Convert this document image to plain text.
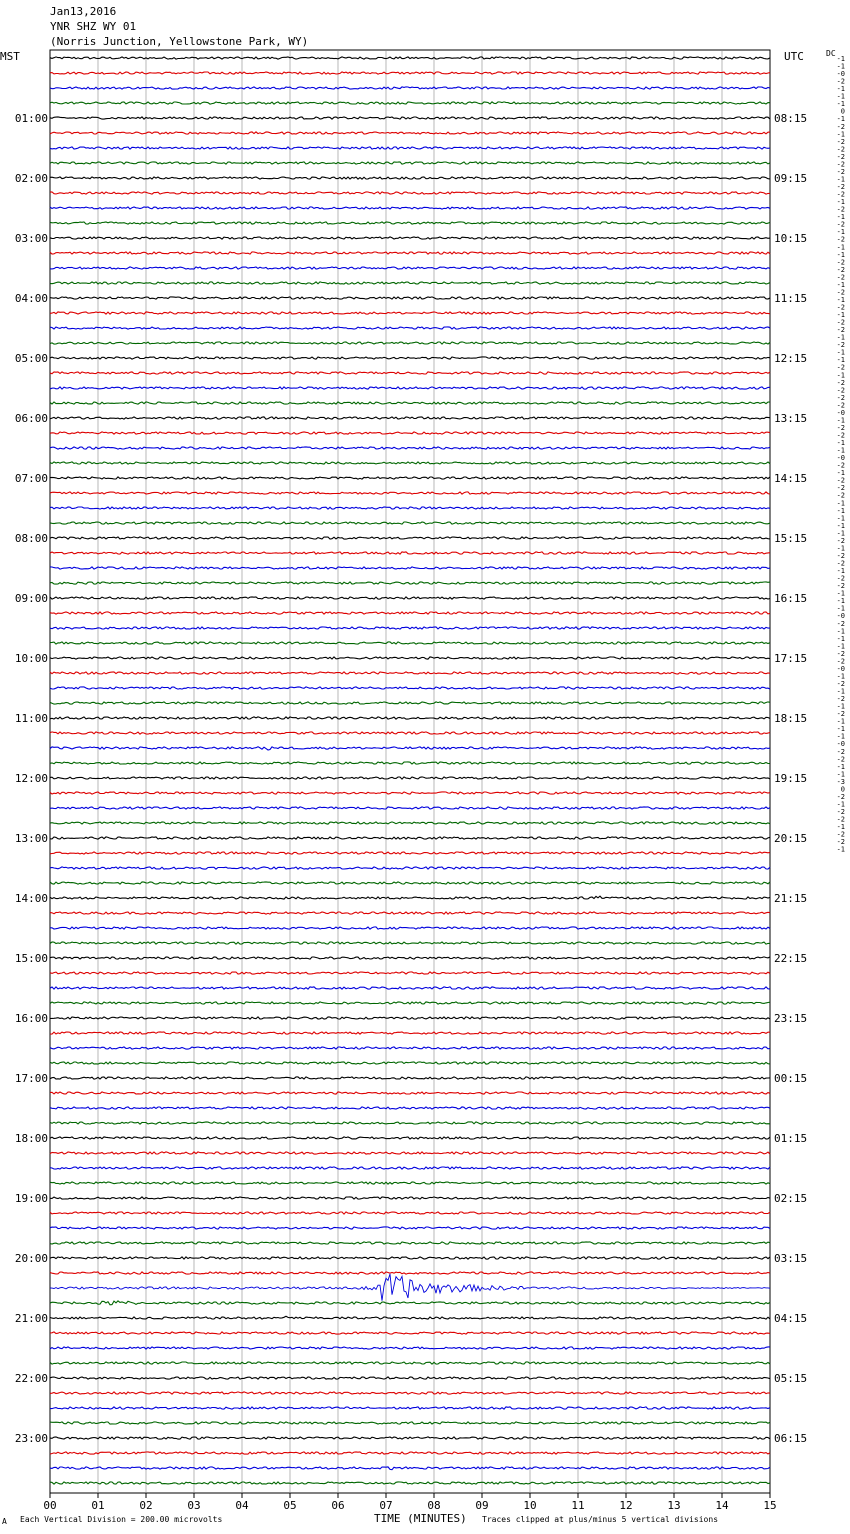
Jan13,2016
YNR SHZ WY 01
(Norris Junction, Yellowstone Park, WY)
MST	UTC	DC
01:00
02:00
03:00
04:00
05:00
06:00
07:00
08:00
09:00
10:00
11:00
12:00
13:00
14:00
15:00
16:00
17:00
18:00
19:00
20:00
21:00
22:00
23:00
08:15
09:15
10:15
11:15
12:15
13:15
14:15
15:15
16:15
17:15
18:15
19:15
20:15
21:15
22:15
23:15
00:15
01:15
02:15
03:15
04:15
05:15
06:15
-1
-1
-0
-2
-1
-1
-1
0
-1
-2
-1
-2
-2
-2
-2
-2
-1
-2
-2
-1
-2
-1
-2
-1
-2
-1
-1
-2
-2
-2
-1
-2
-1
-2
-1
-2
-2
-1
-2
-1
-1
-2
-1
-2
-2
-2
-2
-0
-1
-2
-2
-1
-1
-0
-2
-1
-2
-2
-2
-1
-1
-1
-1
-1
-2
-1
-2
-2
-1
-2
-2
-1
-1
-1
-0
-2
-1
-1
-1
-2
-2
-0
-1
-2
-1
-2
-1
-2
-1
-1
-1
-0
-2
-2
-1
-1
-3
0
-2
-1
-2
-2
-1
-2
-2
-1
00	01	02	03	04	05	06	07	08	09	10	11	12	13	14	15
A Each Vertical Division = 200.00 microvolts	TIME (MINUTES) Traces clipped at plus/minus 5 vertical divisions
